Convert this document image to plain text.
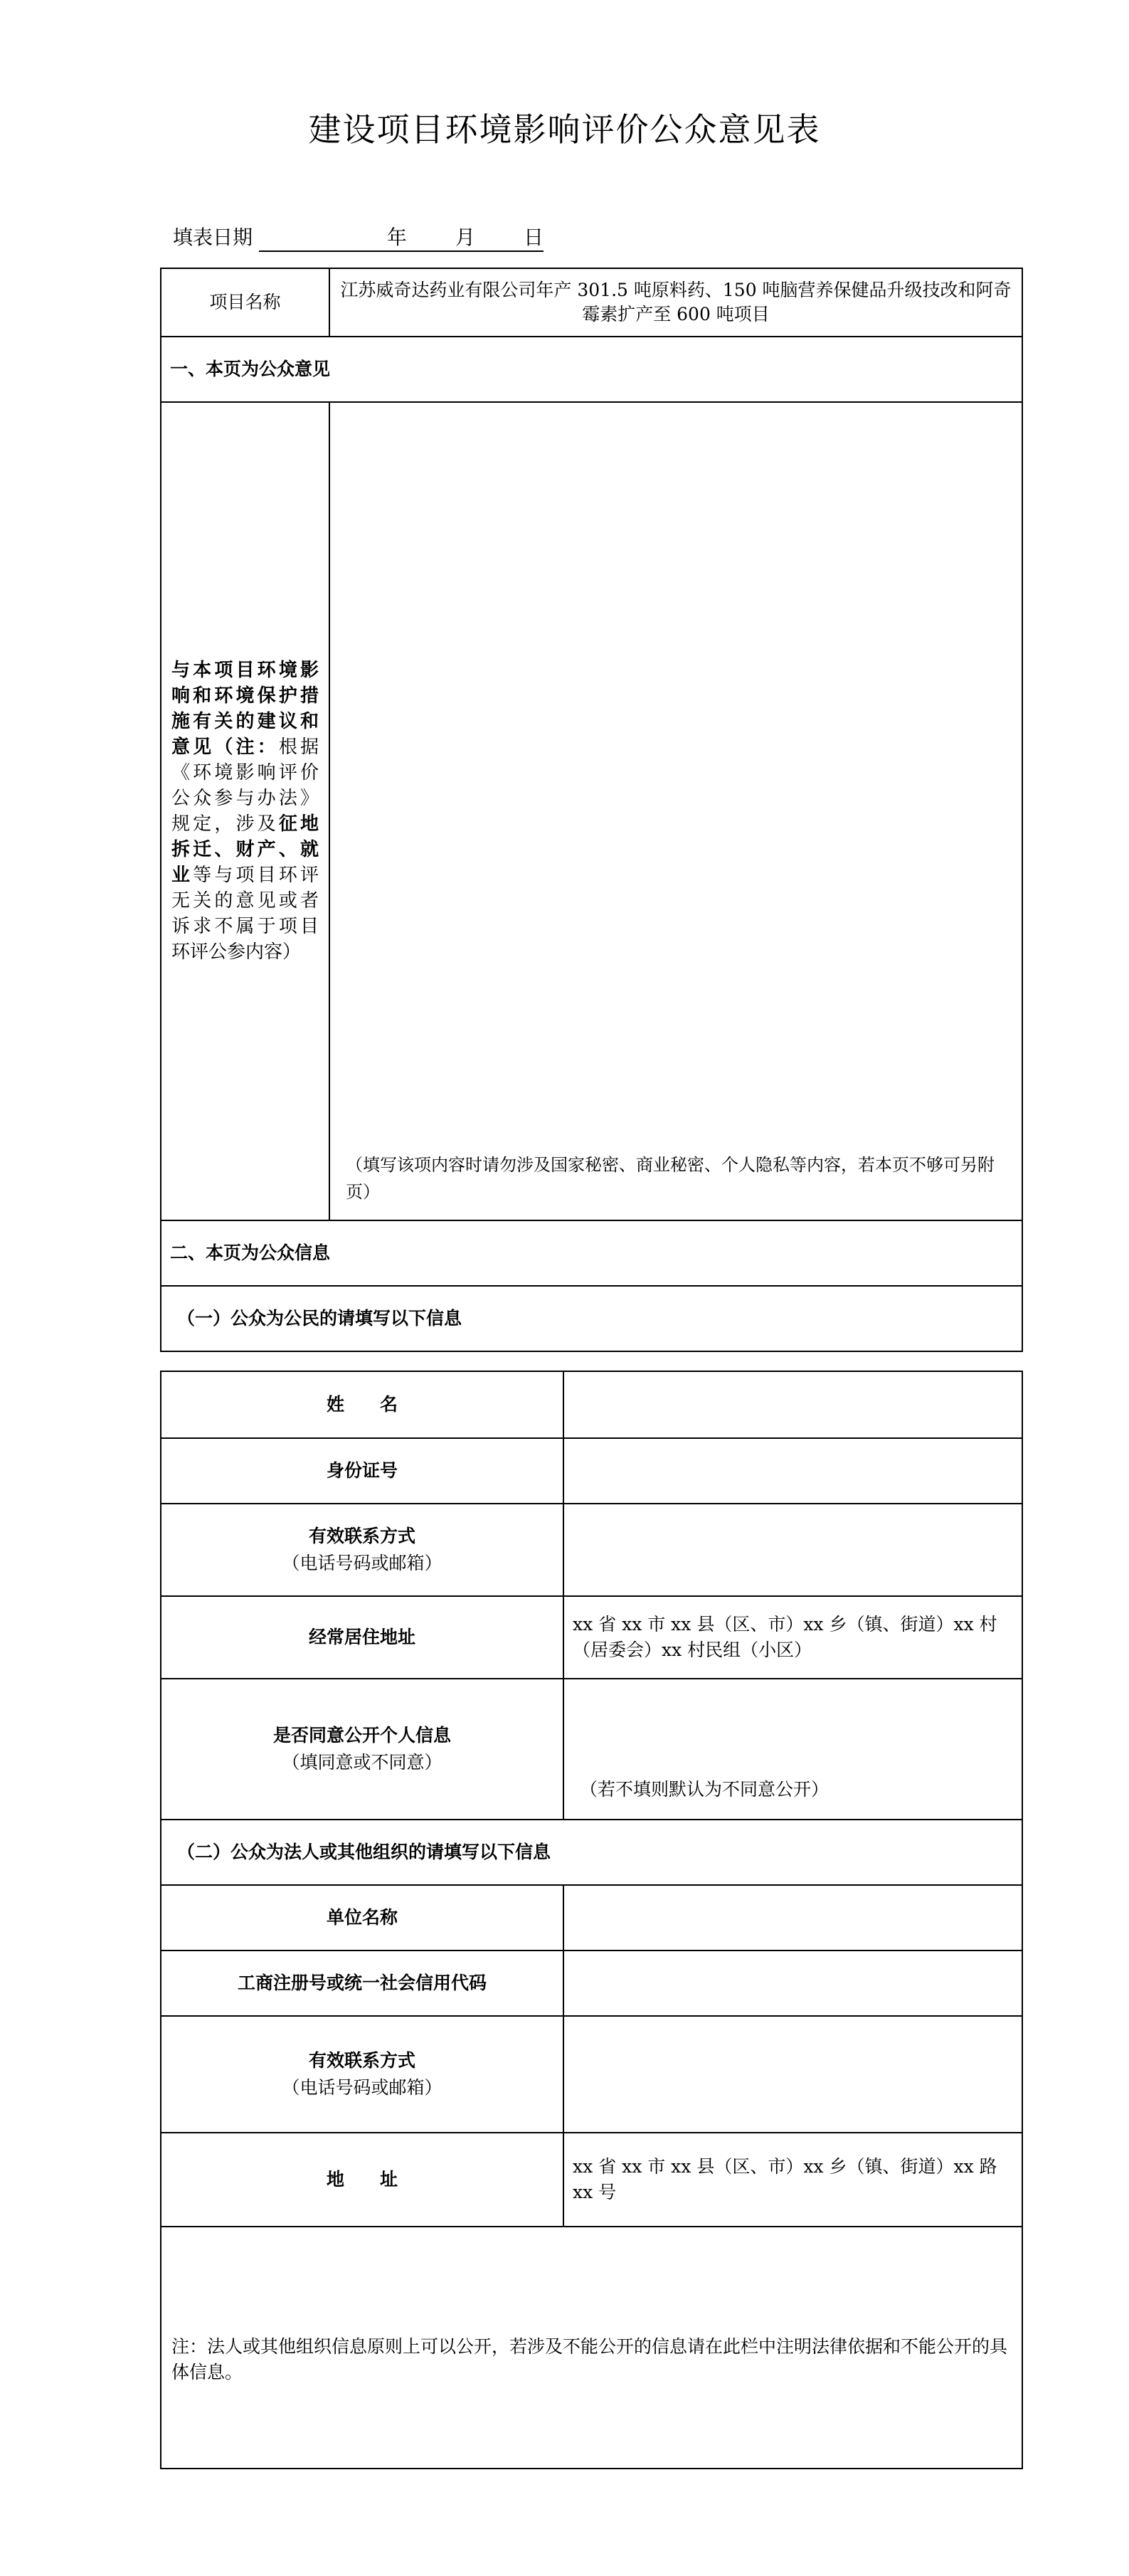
建设项目环境影响评价公众意见表
填表日期	年 月 日
项目名称	江苏威奇达药业有限公司年产 301.5 吨原料药、150 吨脑营养保健品升级技改和阿奇霉素扩产至 600 吨项目
一、本页为公众意见	
与本项目环境影响和环境保护措施有关的建议和意见（注：根据《环境影响评价公众参与办法》规定，涉及征地拆迁、财产、就业等与项目环评无关的意见或者诉求不属于项目环评公参内容）	（填写该项内容时请勿涉及国家秘密、商业秘密、个人隐私等内容，若本页不够可另附页）

二、本页为公众信息	
（一）公众为公民的请填写以下信息	
姓　　名	
身份证号	

有效联系方式
（电话号码或邮箱）	

经常居住地址	xx 省 xx 市 xx 县（区、市）xx 乡（镇、街道）xx 村（居委会）xx 村民组（小区）

是否同意公开个人信息
（填同意或不同意）	（若不填则默认为不同意公开）
（二）公众为法人或其他组织的请填写以下信息	
单位名称	
工商注册号或统一社会信用代码	

有效联系方式
（电话号码或邮箱）	

地　　址	xx 省 xx 市 xx 县（区、市）xx 乡（镇、街道）xx 路 xx 号
注：法人或其他组织信息原则上可以公开，若涉及不能公开的信息请在此栏中注明法律依据和不能公开的具体信息。	
